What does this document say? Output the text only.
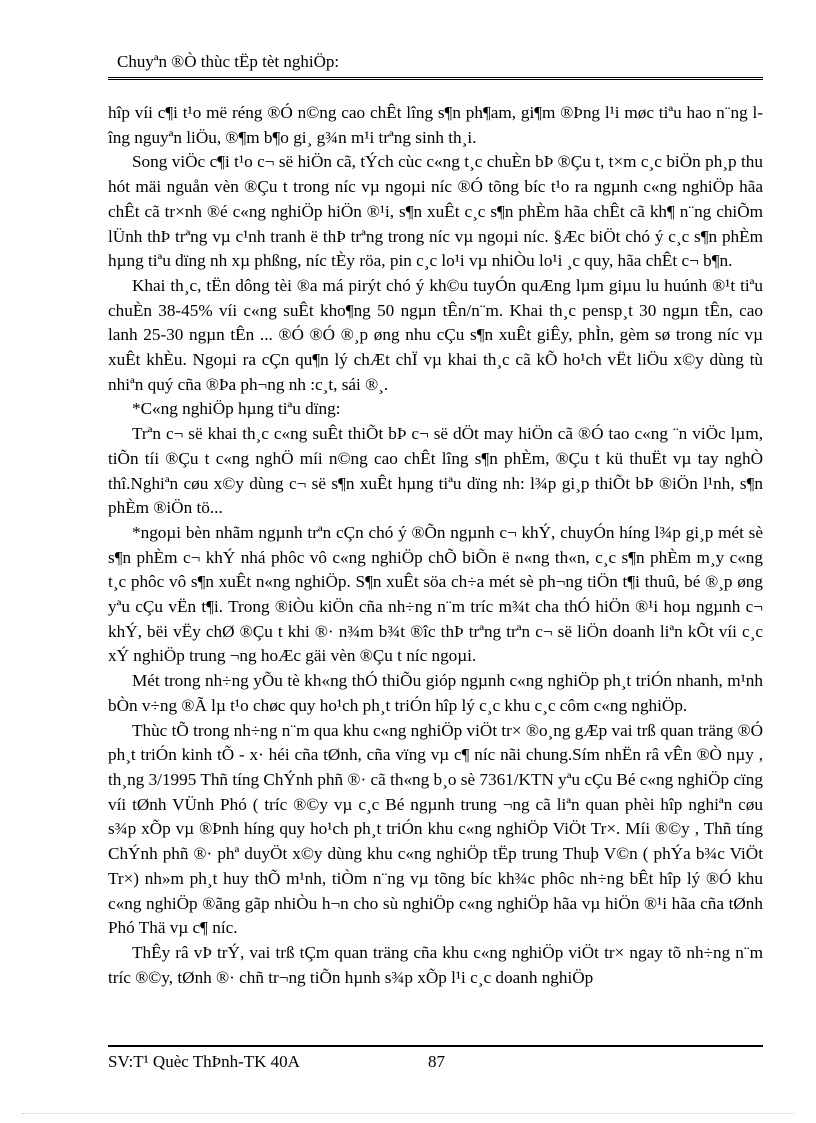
Chuyªn ®Ò thùc tËp tèt nghiÖp:

hîp víi c¶i t¹o më réng ®Ó n©ng cao chÊt lîng s¶n ph¶am, gi¶m ®Þng l¹i møc tiªu hao n¨ng lîng nguyªn liÖu, ®¶m b¶o gi¸ g¾n m¹i trªng sinh th¸i.

Song viÖc c¶i t¹o c¬ së hiÖn cã, tÝch cùc c«ng t¸c chuÈn bÞ ®Çu t, t×m c¸c biÖn ph¸p thu hót mäi nguån vèn ®Çu t trong níc vµ ngoµi níc ®Ó tõng bíc t¹o ra ngµnh c«ng nghiÖp hãa chÊt cã tr×nh ®é c«ng nghiÖp hiÖn ®¹i, s¶n xuÊt c¸c s¶n phÈm hãa chÊt cã kh¶ n¨ng chiÕm lÜnh thÞ trªng vµ c¹nh tranh ë thÞ trªng trong níc vµ ngoµi níc. §Æc biÖt chó ý c¸c s¶n phÈm hµng tiªu dïng nh xµ phßng, níc tÈy röa, pin c¸c lo¹i vµ nhiÒu lo¹i ¸c quy, hãa chÊt c¬ b¶n.

Khai th¸c, tËn dông tèi ®a má pirýt chó ý kh©u tuyÓn quÆng lµm giµu lu huúnh ®¹t tiªu chuÈn 38-45% víi c«ng suÊt kho¶ng 50 ngµn tÊn/n¨m. Khai th¸c pensp¸t 30 ngµn tÊn, cao lanh 25-30 ngµn tÊn ... ®Ó ®Ó ®¸p øng nhu cÇu s¶n xuÊt giÊy, phÌn, gèm sø trong níc vµ xuÊt khÈu. Ngoµi ra cÇn qu¶n lý chÆt chÏ vµ khai th¸c cã kÕ ho¹ch vËt liÖu x©y dùng tù nhiªn quý cña ®Þa ph¬ng nh :c¸t, sái ®¸.

*C«ng nghiÖp hµng tiªu dïng:

Trªn c¬ së khai th¸c c«ng suÊt thiÕt bÞ c¬ së dÖt may hiÖn cã ®Ó tao c«ng ¨n viÖc lµm, tiÕn tíi ®Çu t c«ng nghÖ míi n©ng cao chÊt lîng s¶n phÈm, ®Çu t kü thuËt vµ tay nghÒ thî.Nghiªn cøu x©y dùng c¬ së s¶n xuÊt hµng tiªu dïng nh: l¾p gi¸p thiÕt bÞ ®iÖn l¹nh, s¶n phÈm ®iÖn tö...

*ngoµi bèn nhãm ngµnh trªn cÇn chó ý ®Õn ngµnh c¬ khÝ, chuyÓn híng l¾p gi¸p mét sè s¶n phÈm c¬ khÝ nhá phôc vô c«ng nghiÖp chÕ biÕn ë n«ng th«n, c¸c s¶n phÈm m¸y c«ng t¸c phôc vô s¶n xuÊt n«ng nghiÖp. S¶n xuÊt söa ch÷a mét sè ph¬ng tiÖn t¶i thuû, bé ®¸p øng yªu cÇu vËn t¶i. Trong ®iÒu kiÖn cña nh÷ng n¨m tríc m¾t cha thÓ hiÖn ®¹i hoµ ngµnh c¬ khÝ, bëi vËy chØ ®Çu t khi ®· n¾m b¾t ®îc thÞ trªng trªn c¬ së liÖn doanh liªn kÕt víi c¸c xÝ nghiÖp trung ¬ng hoÆc gäi vèn ®Çu t níc ngoµi.

Mét trong nh÷ng yÕu tè kh«ng thÓ thiÕu gióp ngµnh c«ng nghiÖp ph¸t triÓn nhanh, m¹nh bÒn v÷ng ®Ã lµ t¹o chøc quy ho¹ch ph¸t triÓn hîp lý c¸c khu c¸c côm c«ng nghiÖp.

Thùc tÕ trong nh÷ng n¨m qua khu c«ng nghiÖp viÖt tr× ®o¸ng gÆp vai trß quan träng ®Ó ph¸t triÓn kinh tÕ - x· héi cña tØnh, cña vïng vµ c¶ níc nãi chung.Sím nhËn râ vÊn ®Ò nµy , th¸ng 3/1995 Thñ tíng ChÝnh phñ ®· cã th«ng b¸o sè 7361/KTN yªu cÇu Bé c«ng nghiÖp cïng víi tØnh VÜnh Phó ( tríc ®©y vµ c¸c Bé ngµnh trung ¬ng cã liªn quan phèi hîp nghiªn cøu s¾p xÕp vµ ®Þnh híng quy ho¹ch ph¸t triÓn khu c«ng nghiÖp ViÖt Tr×. Míi ®©y , Thñ tíng ChÝnh phñ ®· phª duyÖt x©y dùng khu c«ng nghiÖp tËp trung Thuþ V©n ( phÝa b¾c ViÖt Tr×) nh»m ph¸t huy thÕ m¹nh, tiÒm n¨ng vµ tõng bíc kh¾c phôc nh÷ng bÊt hîp lý ®Ó khu c«ng nghiÖp ®ãng gãp nhiÒu h¬n cho sù nghiÖp c«ng nghiÖp hãa vµ hiÖn ®¹i hãa cña tØnh Phó Thä vµ c¶ níc.

ThÊy râ vÞ trÝ, vai trß tÇm quan träng cña khu c«ng nghiÖp viÖt tr× ngay tõ nh÷ng n¨m tríc ®©y, tØnh ®· chñ tr¬ng tiÕn hµnh s¾p xÕp l¹i c¸c doanh nghiÖp

SV:T¹ Quèc ThÞnh-TK 40A	87
